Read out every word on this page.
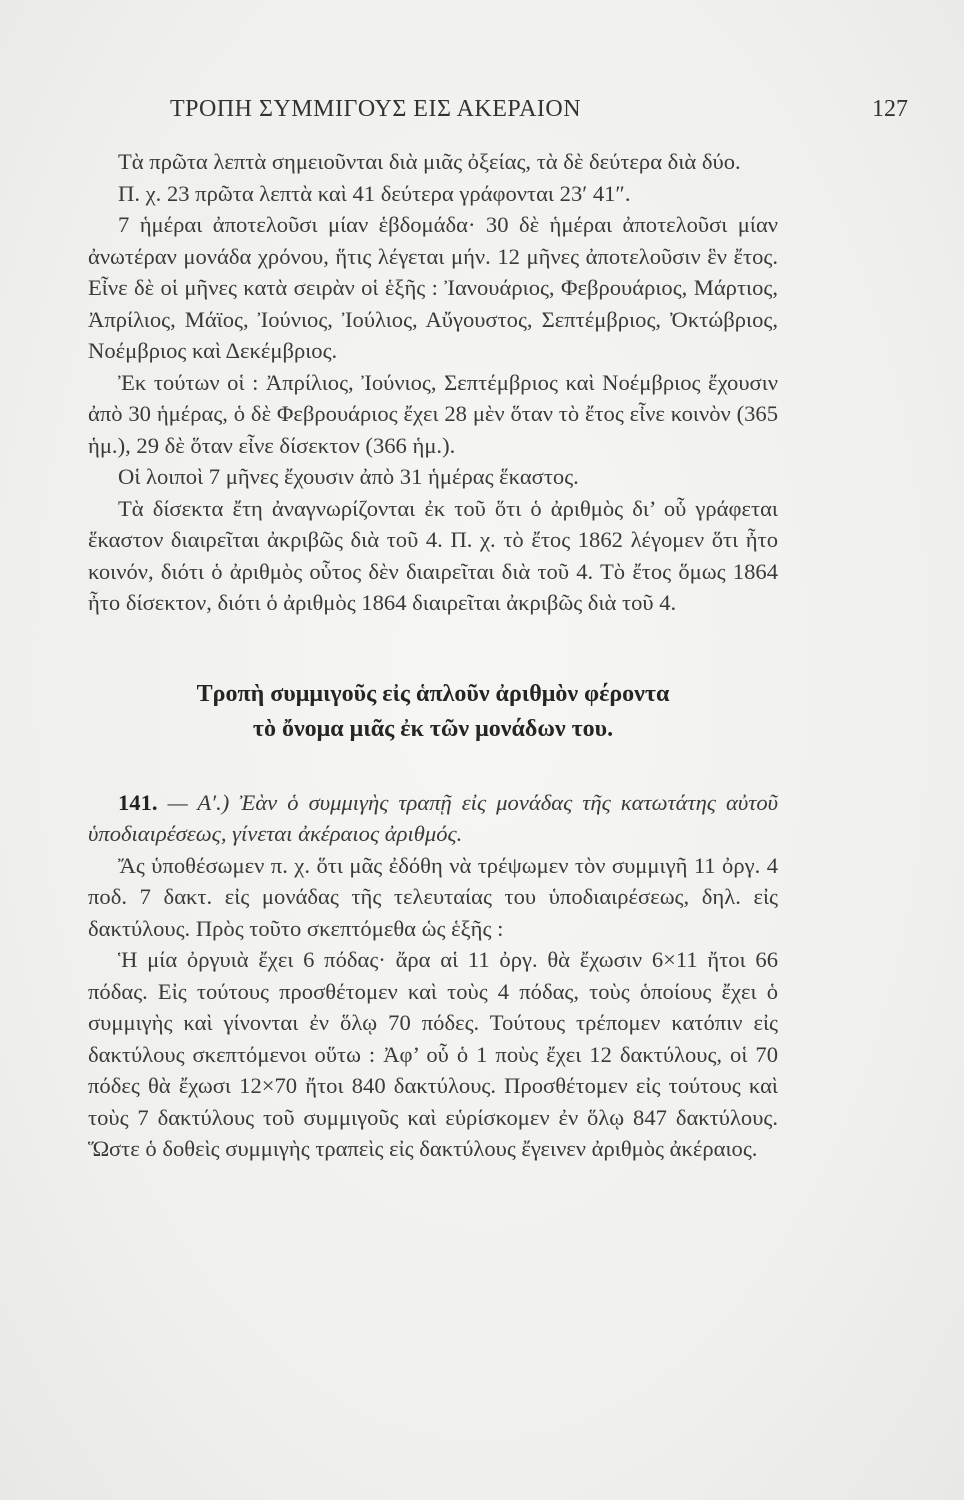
ΤΡΟΠΗ ΣΥΜΜΙΓΟΥΣ ΕΙΣ ΑΚΕΡΑΙΟΝ	127

Τὰ πρῶτα λεπτὰ σημειοῦνται διὰ μιᾶς ὀξείας, τὰ δὲ δεύτερα διὰ δύο.

Π. χ. 23 πρῶτα λεπτὰ καὶ 41 δεύτερα γράφονται 23′ 41″.

7 ἡμέραι ἀποτελοῦσι μίαν ἑβδομάδα· 30 δὲ ἡμέραι ἀποτελοῦσι μίαν ἀνωτέραν μονάδα χρόνου, ἥτις λέγεται μήν. 12 μῆνες ἀποτελοῦσιν ἓν ἔτος. Εἶνε δὲ οἱ μῆνες κατὰ σειρὰν οἱ ἑξῆς : Ἰανουάριος, Φεβρουάριος, Μάρτιος, Ἀπρίλιος, Μάϊος, Ἰούνιος, Ἰούλιος, Αὔγουστος, Σεπτέμβριος, Ὀκτώβριος, Νοέμβριος καὶ Δεκέμβριος.

Ἐκ τούτων οἱ : Ἀπρίλιος, Ἰούνιος, Σεπτέμβριος καὶ Νοέμβριος ἔχουσιν ἀπὸ 30 ἡμέρας, ὁ δὲ Φεβρουάριος ἔχει 28 μὲν ὅταν τὸ ἔτος εἶνε κοινὸν (365 ἡμ.), 29 δὲ ὅταν εἶνε δίσεκτον (366 ἡμ.).

Οἱ λοιποὶ 7 μῆνες ἔχουσιν ἀπὸ 31 ἡμέρας ἕκαστος.

Τὰ δίσεκτα ἔτη ἀναγνωρίζονται ἐκ τοῦ ὅτι ὁ ἀριθμὸς δι’ οὗ γράφεται ἕκαστον διαιρεῖται ἀκριβῶς διὰ τοῦ 4. Π. χ. τὸ ἔτος 1862 λέγομεν ὅτι ἦτο κοινόν, διότι ὁ ἀριθμὸς οὗτος δὲν διαιρεῖται διὰ τοῦ 4. Τὸ ἔτος ὅμως 1864 ἦτο δίσεκτον, διότι ὁ ἀριθμὸς 1864 διαιρεῖται ἀκριβῶς διὰ τοῦ 4.

Τροπὴ συμμιγοῦς εἰς ἁπλοῦν ἀριθμὸν φέροντα
τὸ ὄνομα μιᾶς ἐκ τῶν μονάδων του.

141. — Α′.) Ἐὰν ὁ συμμιγὴς τραπῇ εἰς μονάδας τῆς κατωτάτης αὐτοῦ ὑποδιαιρέσεως, γίνεται ἀκέραιος ἀριθμός.

Ἄς ὑποθέσωμεν π. χ. ὅτι μᾶς ἐδόθη νὰ τρέψωμεν τὸν συμμιγῆ 11 ὀργ. 4 ποδ. 7 δακτ. εἰς μονάδας τῆς τελευταίας του ὑποδιαιρέσεως, δηλ. εἰς δακτύλους. Πρὸς τοῦτο σκεπτόμεθα ὡς ἑξῆς :

Ἡ μία ὀργυιὰ ἔχει 6 πόδας· ἄρα αἱ 11 ὀργ. θὰ ἔχωσιν 6×11 ἤτοι 66 πόδας. Εἰς τούτους προσθέτομεν καὶ τοὺς 4 πόδας, τοὺς ὁποίους ἔχει ὁ συμμιγὴς καὶ γίνονται ἐν ὅλῳ 70 πόδες. Τούτους τρέπομεν κατόπιν εἰς δακτύλους σκεπτόμενοι οὕτω : Ἀφ’ οὗ ὁ 1 ποὺς ἔχει 12 δακτύλους, οἱ 70 πόδες θὰ ἔχωσι 12×70 ἤτοι 840 δακτύλους. Προσθέτομεν εἰς τούτους καὶ τοὺς 7 δακτύλους τοῦ συμμιγοῦς καὶ εὑρίσκομεν ἐν ὅλῳ 847 δακτύλους. Ὥστε ὁ δοθεὶς συμμιγὴς τραπεὶς εἰς δακτύλους ἔγεινεν ἀριθμὸς ἀκέραιος.
